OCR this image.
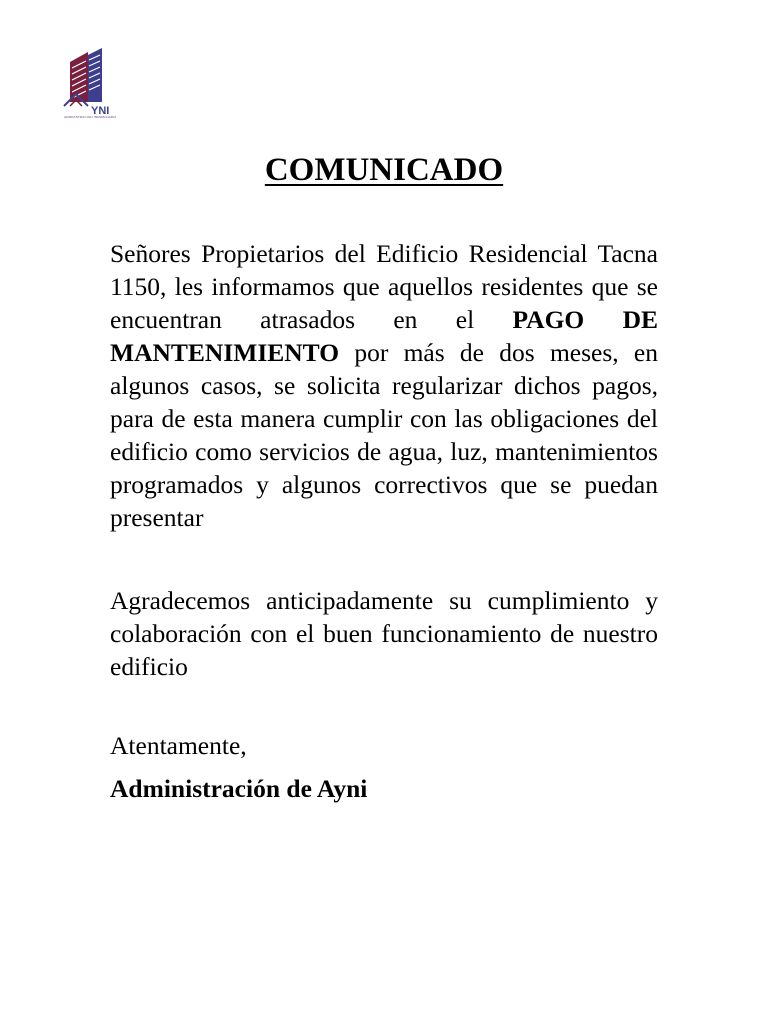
YNI
ADMINISTRACION INMOBILIARIA
COMUNICADO

Señores Propietarios del Edificio Residencial Tacna 1150, les informamos que aquellos residentes que se encuentran atrasados en el PAGO DE MANTENIMIENTO por más de dos meses, en algunos casos, se solicita regularizar dichos pagos, para de esta manera cumplir con las obligaciones del edificio como servicios de agua, luz, mantenimientos programados y algunos correctivos que se puedan presentar

Agradecemos anticipadamente su cumplimiento y colaboración con el buen funcionamiento de nuestro edificio

Atentamente,

Administración de Ayni
